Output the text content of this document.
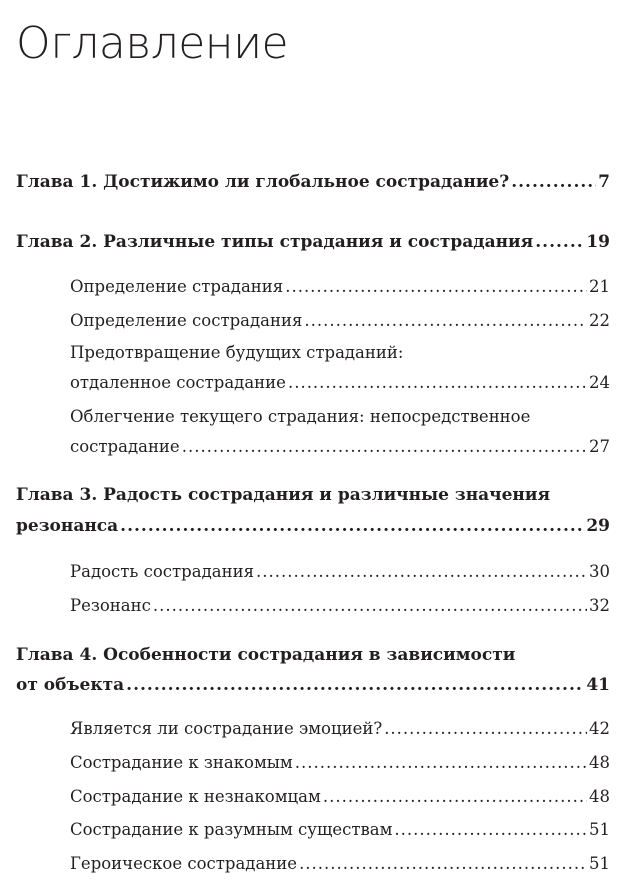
Оглавление
Глава 1. Достижимо ли глобальное сострадание? .....	7
Глава 2. Различные типы страдания и сострадания .....	19
Определение страдания .....	21
Определение сострадания .....	22
Предотвращение будущих страданий:
отдаленное сострадание .....	24
Облегчение текущего страдания: непосредственное
сострадание .....	27
Глава 3. Радость сострадания и различные значения
резонанса .....	29
Радость сострадания .....	30
Резонанс .....	32
Глава 4. Особенности сострадания в зависимости
от объекта .....	41
Является ли сострадание эмоцией? .....	42
Сострадание к знакомым .....	48
Сострадание к незнакомцам .....	48
Сострадание к разумным существам .....	51
Героическое сострадание .....	51
